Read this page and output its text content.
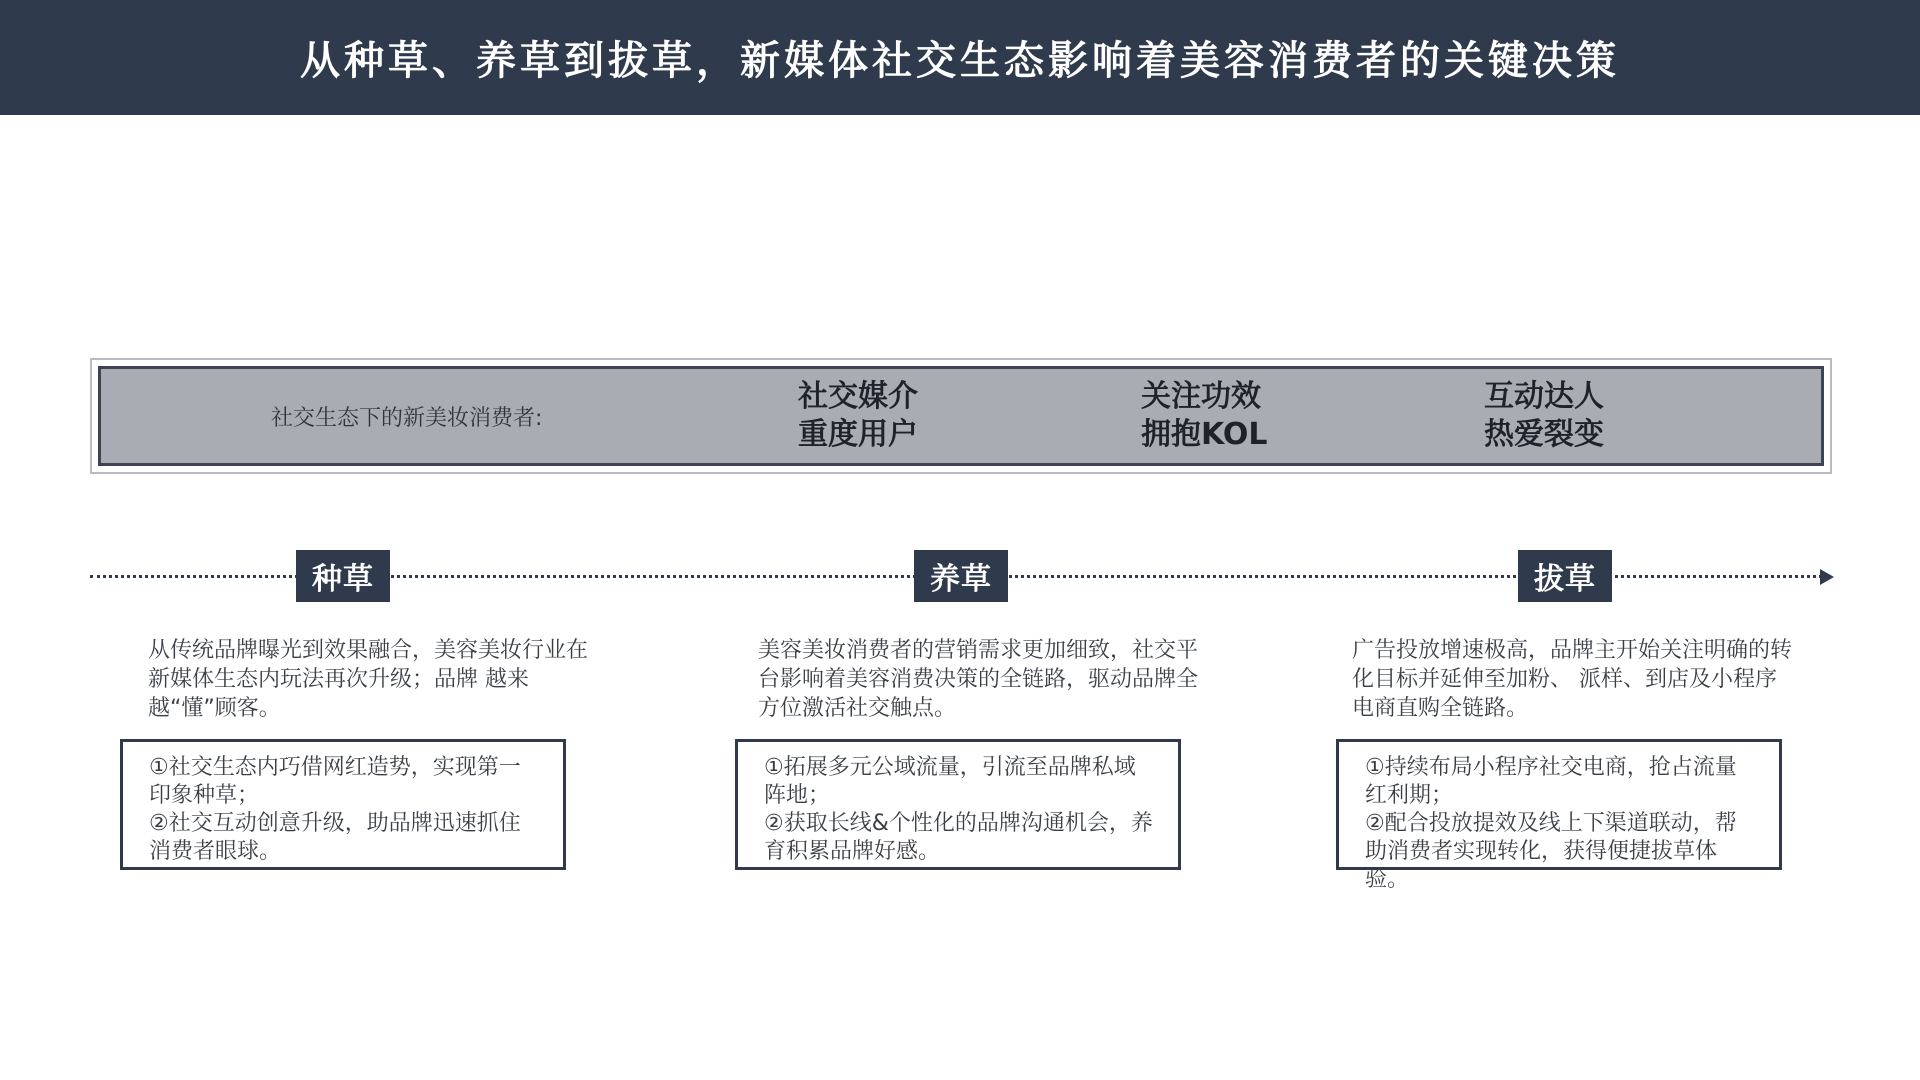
从种草、养草到拔草，新媒体社交生态影响着美容消费者的关键决策
社交生态下的新美妆消费者:
社交媒介
重度用户
关注功效
拥抱KOL
互动达人
热爱裂变
种草	养草	拔草
从传统品牌曝光到效果融合，美容美妆行业在新媒体生态内玩法再次升级；品牌 越来越“懂”顾客。
美容美妆消费者的营销需求更加细致，社交平台影响着美容消费决策的全链路，驱动品牌全方位激活社交触点。
广告投放增速极高，品牌主开始关注明确的转化目标并延伸至加粉、 派样、到店及小程序电商直购全链路。
①社交生态内巧借网红造势，实现第一印象种草；
②社交互动创意升级，助品牌迅速抓住消费者眼球。
①拓展多元公域流量，引流至品牌私域阵地；
②获取长线&个性化的品牌沟通机会，养育积累品牌好感。
①持续布局小程序社交电商，抢占流量红利期；
②配合投放提效及线上下渠道联动，帮助消费者实现转化，获得便捷拔草体验。
